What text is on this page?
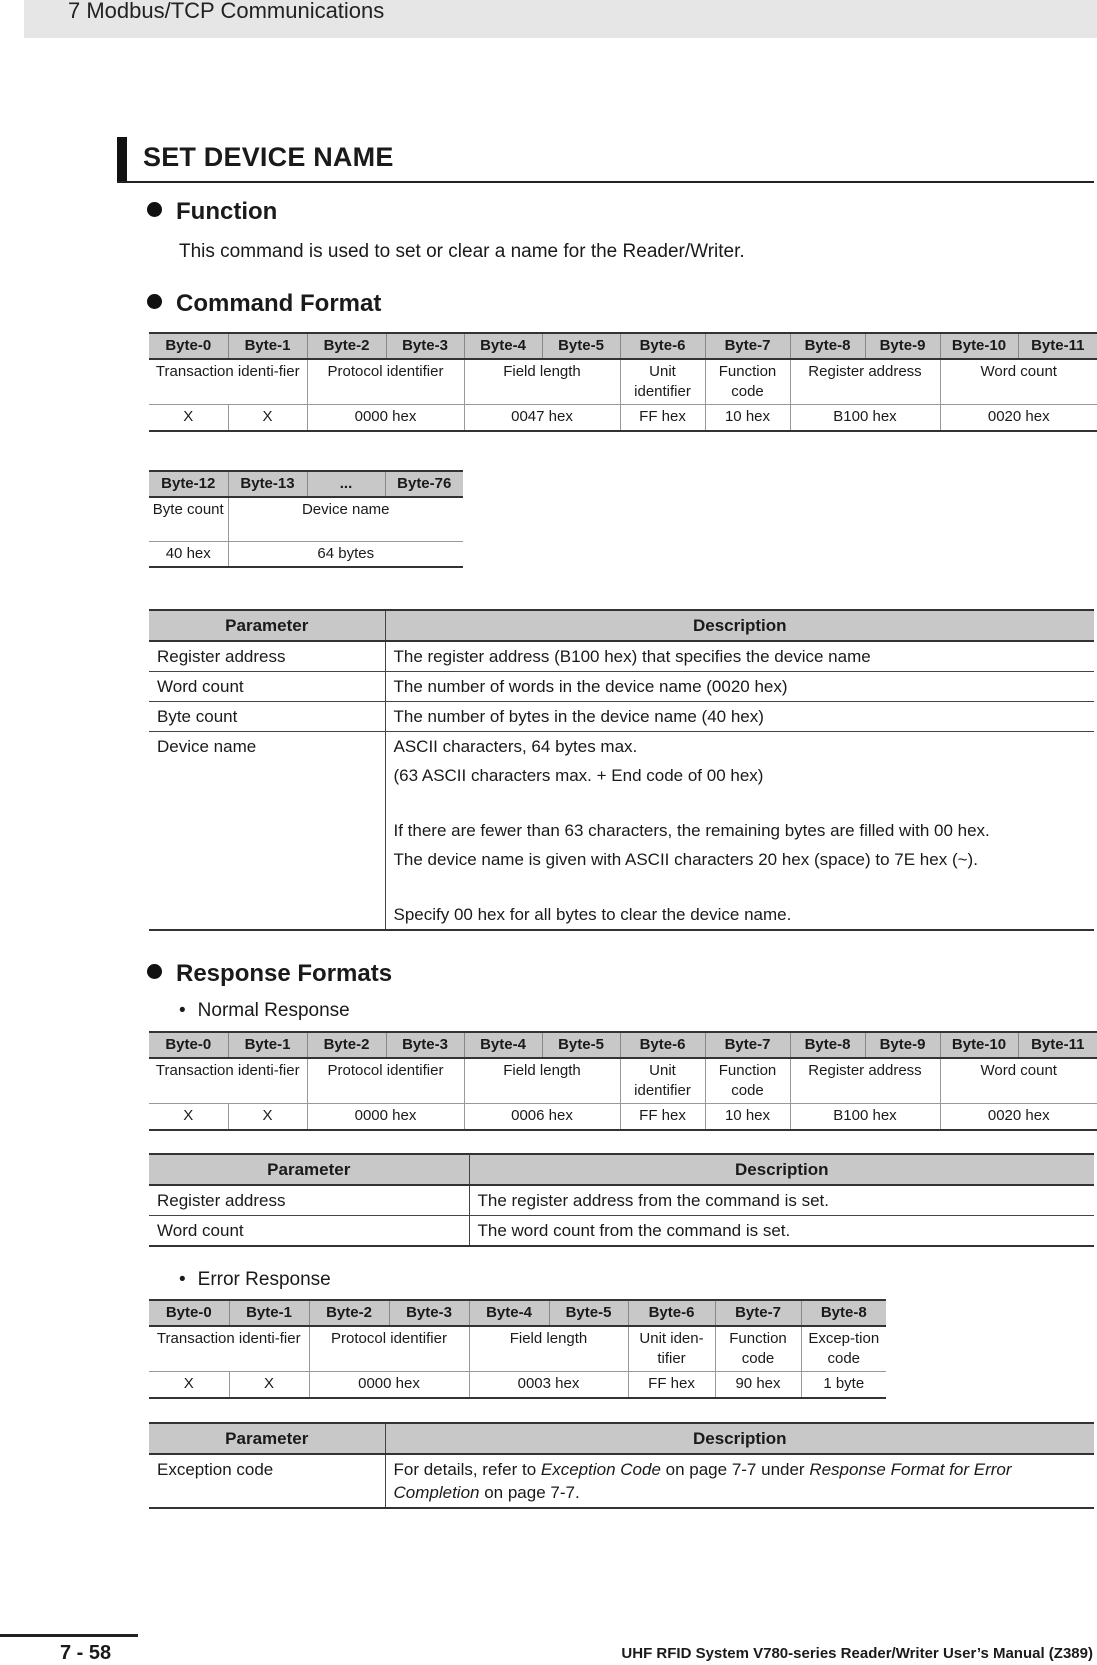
7 Modbus/TCP Communications
SET DEVICE NAME
Function
This command is used to set or clear a name for the Reader/Writer.
Command Format
Byte-0	Byte-1	Byte-2	Byte-3	Byte-4	Byte-5	Byte-6	Byte-7	Byte-8	Byte-9	Byte-10	Byte-11
Transaction identi-fier		Protocol identifier		Field length		Unit identifier	Function code	Register address		Word count	
X	X	0000 hex		0047 hex		FF hex	10 hex	B100 hex		0020 hex	
Byte-12	Byte-13	...	Byte-76
Byte count	Device name		
40 hex	64 bytes		
Parameter	Description
Register address	The register address (B100 hex) that specifies the device name
Word count	The number of words in the device name (0020 hex)
Byte count	The number of bytes in the device name (40 hex)
Device name	ASCII characters, 64 bytes max.
(63 ASCII characters max. + End code of 00 hex)
If there are fewer than 63 characters, the remaining bytes are filled with 00 hex.
The device name is given with ASCII characters 20 hex (space) to 7E hex (~).
Specify 00 hex for all bytes to clear the device name.
Response Formats
• Normal Response
Byte-0	Byte-1	Byte-2	Byte-3	Byte-4	Byte-5	Byte-6	Byte-7	Byte-8	Byte-9	Byte-10	Byte-11
Transaction identi-fier		Protocol identifier		Field length		Unit identifier	Function code	Register address		Word count	
X	X	0000 hex		0006 hex		FF hex	10 hex	B100 hex		0020 hex	
Parameter	Description
Register address	The register address from the command is set.
Word count	The word count from the command is set.
• Error Response
Byte-0	Byte-1	Byte-2	Byte-3	Byte-4	Byte-5	Byte-6	Byte-7	Byte-8
Transaction identi-fier		Protocol identifier		Field length		Unit iden-tifier	Function code	Excep-tion code
X	X	0000 hex		0003 hex		FF hex	90 hex	1 byte
Parameter	Description
Exception code	For details, refer to Exception Code on page 7-7 under Response Format for Error Completion on page 7-7.
7 - 58	UHF RFID System V780-series Reader/Writer User’s Manual (Z389)
